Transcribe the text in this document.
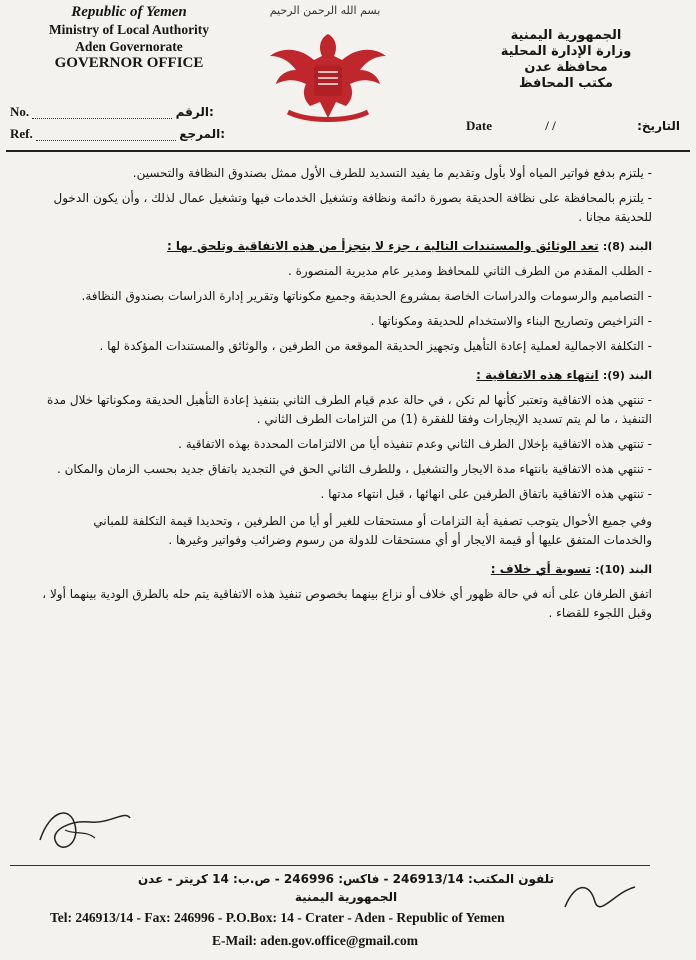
Republic of Yemen
Ministry of Local Authority
Aden Governorate
GOVERNOR OFFICE
بسم الله الرحمن الرحيم
الجمهورية اليمنية
وزارة الإدارة المحلية
محافظة عدن
مكتب المحافظ
No.	الرقم:
Ref.	المرجع:
Date	/ /	التاريخ:

- يلتزم بدفع فواتير المياه أولا بأول وتقديم ما يفيد التسديد للطرف الأول ممثل بصندوق النظافة والتحسين.

- يلتزم بالمحافظة على نظافة الحديقة بصورة دائمة ونظافة وتشغيل الخدمات فيها وتشغيل عمال لذلك ، وأن يكون الدخول للحديقة مجانا .

البند (8): تعد الوثائق والمستندات التالية ، جزء لا يتجزأ من هذه الاتفاقية وتلحق بها :

- الطلب المقدم من الطرف الثاني للمحافظ ومدير عام مديرية المنصورة .

- التصاميم والرسومات والدراسات الخاصة بمشروع الحديقة وجميع مكوناتها وتقرير إدارة الدراسات بصندوق النظافة.

- التراخيص وتصاريح البناء والاستخدام للحديقة ومكوناتها .

- التكلفة الاجمالية لعملية إعادة التأهيل وتجهيز الحديقة الموقعة من الطرفين ، والوثائق والمستندات المؤكدة لها .

البند (9): انتهاء هذه الاتفاقية :

- تنتهي هذه الاتفاقية وتعتبر كأنها لم تكن ، في حالة عدم قيام الطرف الثاني بتنفيذ إعادة التأهيل الحديقة ومكوناتها خلال مدة التنفيذ ، ما لم يتم تسديد الإيجارات وفقا للفقرة (1) من التزامات الطرف الثاني .

- تنتهي هذه الاتفاقية بإخلال الطرف الثاني وعدم تنفيذه أيا من الالتزامات المحددة بهذه الاتفاقية .

- تنتهي هذه الاتفاقية بانتهاء مدة الايجار والتشغيل ، وللطرف الثاني الحق في التجديد باتفاق جديد بحسب الزمان والمكان .

- تنتهي هذه الاتفاقية باتفاق الطرفين على انهائها ، قبل انتهاء مدتها .

وفي جميع الأحوال يتوجب تصفية أية التزامات أو مستحقات للغير أو أيا من الطرفين ، وتحديدا قيمة التكلفة للمباني والخدمات المتفق عليها أو قيمة الايجار أو أي مستحقات للدولة من رسوم وضرائب وفواتير وغيرها .

البند (10): تسوية أي خلاف :

اتفق الطرفان على أنه في حالة ظهور أي خلاف أو نزاع بينهما بخصوص تنفيذ هذه الاتفاقية يتم حله بالطرق الودية بينهما أولا ، وقبل اللجوء للقضاء .

تلفون المكتب: 246913/14 - فاكس: 246996 - ص.ب: 14 كريتر - عدن
الجمهورية اليمنية
Tel: 246913/14 - Fax: 246996 - P.O.Box: 14 - Crater - Aden - Republic of Yemen
E-Mail: aden.gov.office@gmail.com
